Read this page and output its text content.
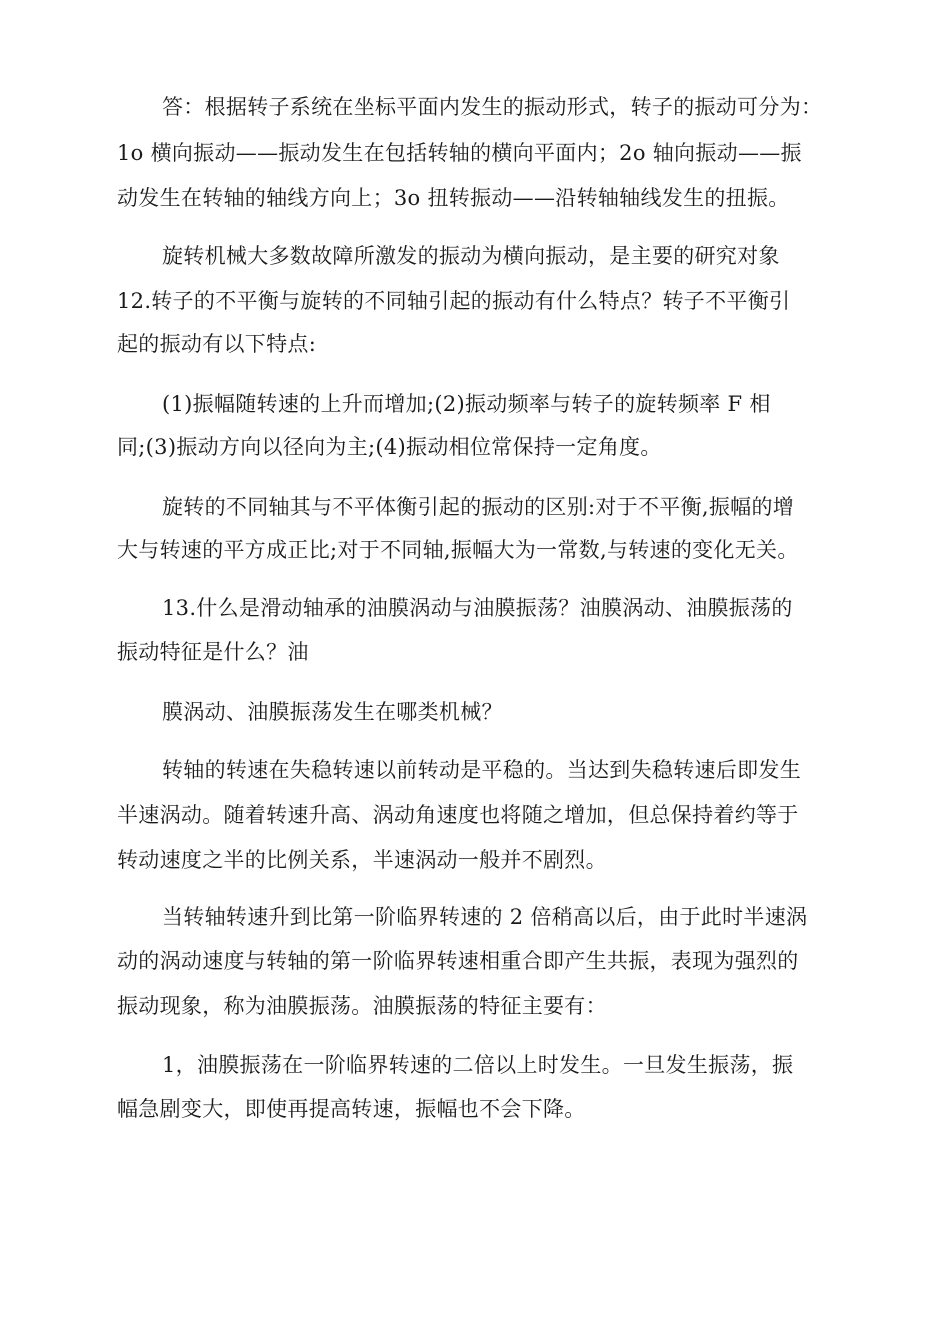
答：根据转子系统在坐标平面内发生的振动形式，转子的振动可分为：

1o 横向振动——振动发生在包括转轴的横向平面内；2o 轴向振动——振

动发生在转轴的轴线方向上；3o 扭转振动——沿转轴轴线发生的扭振。

旋转机械大多数故障所激发的振动为横向振动，是主要的研究对象

12.转子的不平衡与旋转的不同轴引起的振动有什么特点？转子不平衡引

起的振动有以下特点:

(1)振幅随转速的上升而增加;(2)振动频率与转子的旋转频率 F 相

同;(3)振动方向以径向为主;(4)振动相位常保持一定角度。

旋转的不同轴其与不平体衡引起的振动的区别:对于不平衡,振幅的增

大与转速的平方成正比;对于不同轴,振幅大为一常数,与转速的变化无关。

13.什么是滑动轴承的油膜涡动与油膜振荡？油膜涡动、油膜振荡的

振动特征是什么？油

膜涡动、油膜振荡发生在哪类机械？

转轴的转速在失稳转速以前转动是平稳的。当达到失稳转速后即发生

半速涡动。随着转速升高、涡动角速度也将随之增加，但总保持着约等于

转动速度之半的比例关系，半速涡动一般并不剧烈。

当转轴转速升到比第一阶临界转速的 2 倍稍高以后，由于此时半速涡

动的涡动速度与转轴的第一阶临界转速相重合即产生共振，表现为强烈的

振动现象，称为油膜振荡。油膜振荡的特征主要有：

1，油膜振荡在一阶临界转速的二倍以上时发生。一旦发生振荡，振

幅急剧变大，即使再提高转速，振幅也不会下降。
